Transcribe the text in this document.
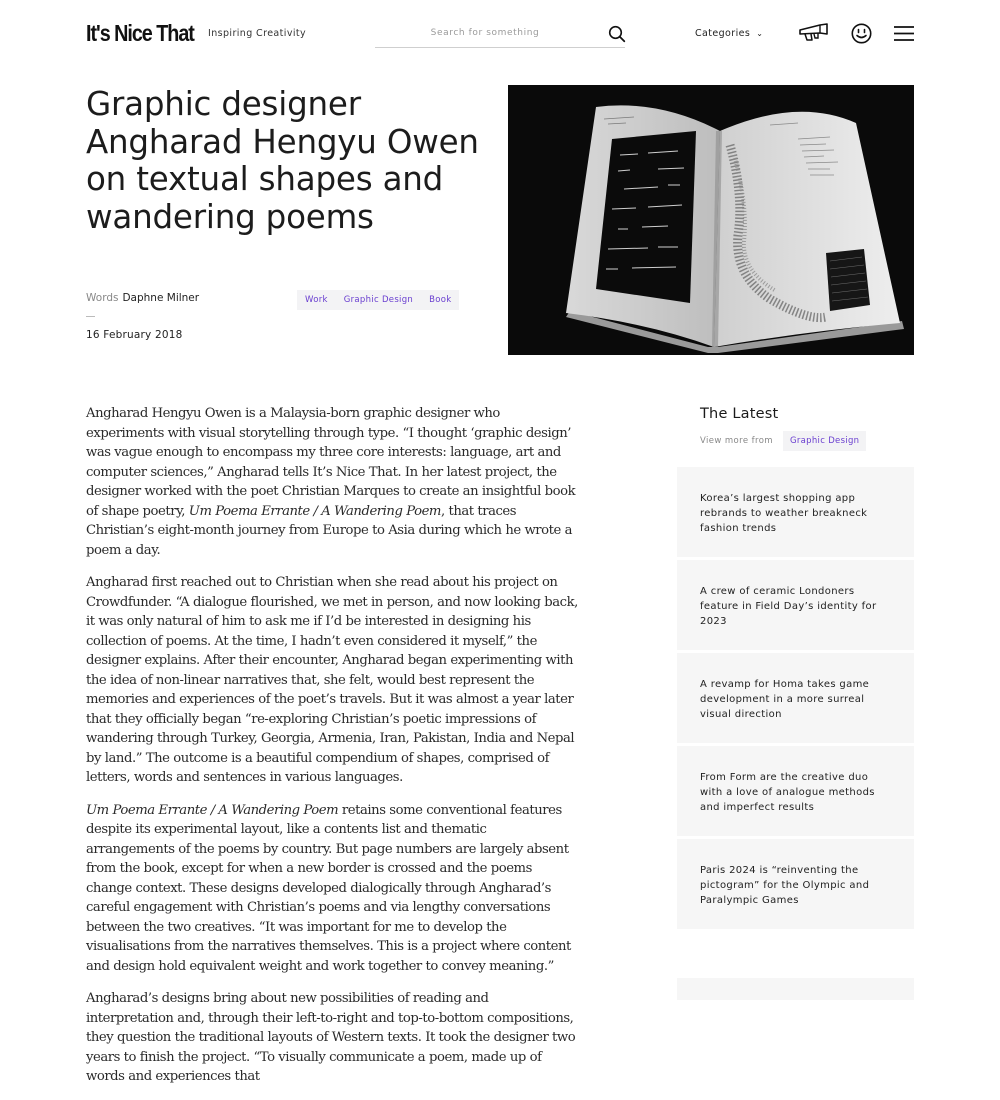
It's Nice That Inspiring Creativity
Search for something	Categories ⌄
Graphic designer Angharad Hengyu Owen on textual shapes and wandering poems
Words Daphne Milner
16 February 2018
Work	Graphic Design	Book

Angharad Hengyu Owen is a Malaysia-born graphic designer who experiments with visual storytelling through type. “I thought ‘graphic design’ was vague enough to encompass my three core interests: language, art and computer sciences,” Angharad tells It’s Nice That. In her latest project, the designer worked with the poet Christian Marques to create an insightful book of shape poetry, Um Poema Errante / A Wandering Poem, that traces Christian’s eight-month journey from Europe to Asia during which he wrote a poem a day.

Angharad first reached out to Christian when she read about his project on Crowdfunder. “A dialogue flourished, we met in person, and now looking back, it was only natural of him to ask me if I’d be interested in designing his collection of poems. At the time, I hadn’t even considered it myself,” the designer explains. After their encounter, Angharad began experimenting with the idea of non-linear narratives that, she felt, would best represent the memories and experiences of the poet’s travels. But it was almost a year later that they officially began “re-exploring Christian’s poetic impressions of wandering through Turkey, Georgia, Armenia, Iran, Pakistan, India and Nepal by land.” The outcome is a beautiful compendium of shapes, comprised of letters, words and sentences in various languages.

Um Poema Errante / A Wandering Poem retains some conventional features despite its experimental layout, like a contents list and thematic arrangements of the poems by country. But page numbers are largely absent from the book, except for when a new border is crossed and the poems change context. These designs developed dialogically through Angharad’s careful engagement with Christian’s poems and via lengthy conversations between the two creatives. “It was important for me to develop the visualisations from the narratives themselves. This is a project where content and design hold equivalent weight and work together to convey meaning.”

Angharad’s designs bring about new possibilities of reading and interpretation and, through their left-to-right and top-to-bottom compositions, they question the traditional layouts of Western texts. It took the designer two years to finish the project. “To visually communicate a poem, made up of words and experiences that

The Latest
View more from	Graphic Design
Korea’s largest shopping app rebrands to weather breakneck fashion trends
A crew of ceramic Londoners feature in Field Day’s identity for 2023
A revamp for Homa takes game development in a more surreal visual direction
From Form are the creative duo with a love of analogue methods and imperfect results
Paris 2024 is “reinventing the pictogram” for the Olympic and Paralympic Games
